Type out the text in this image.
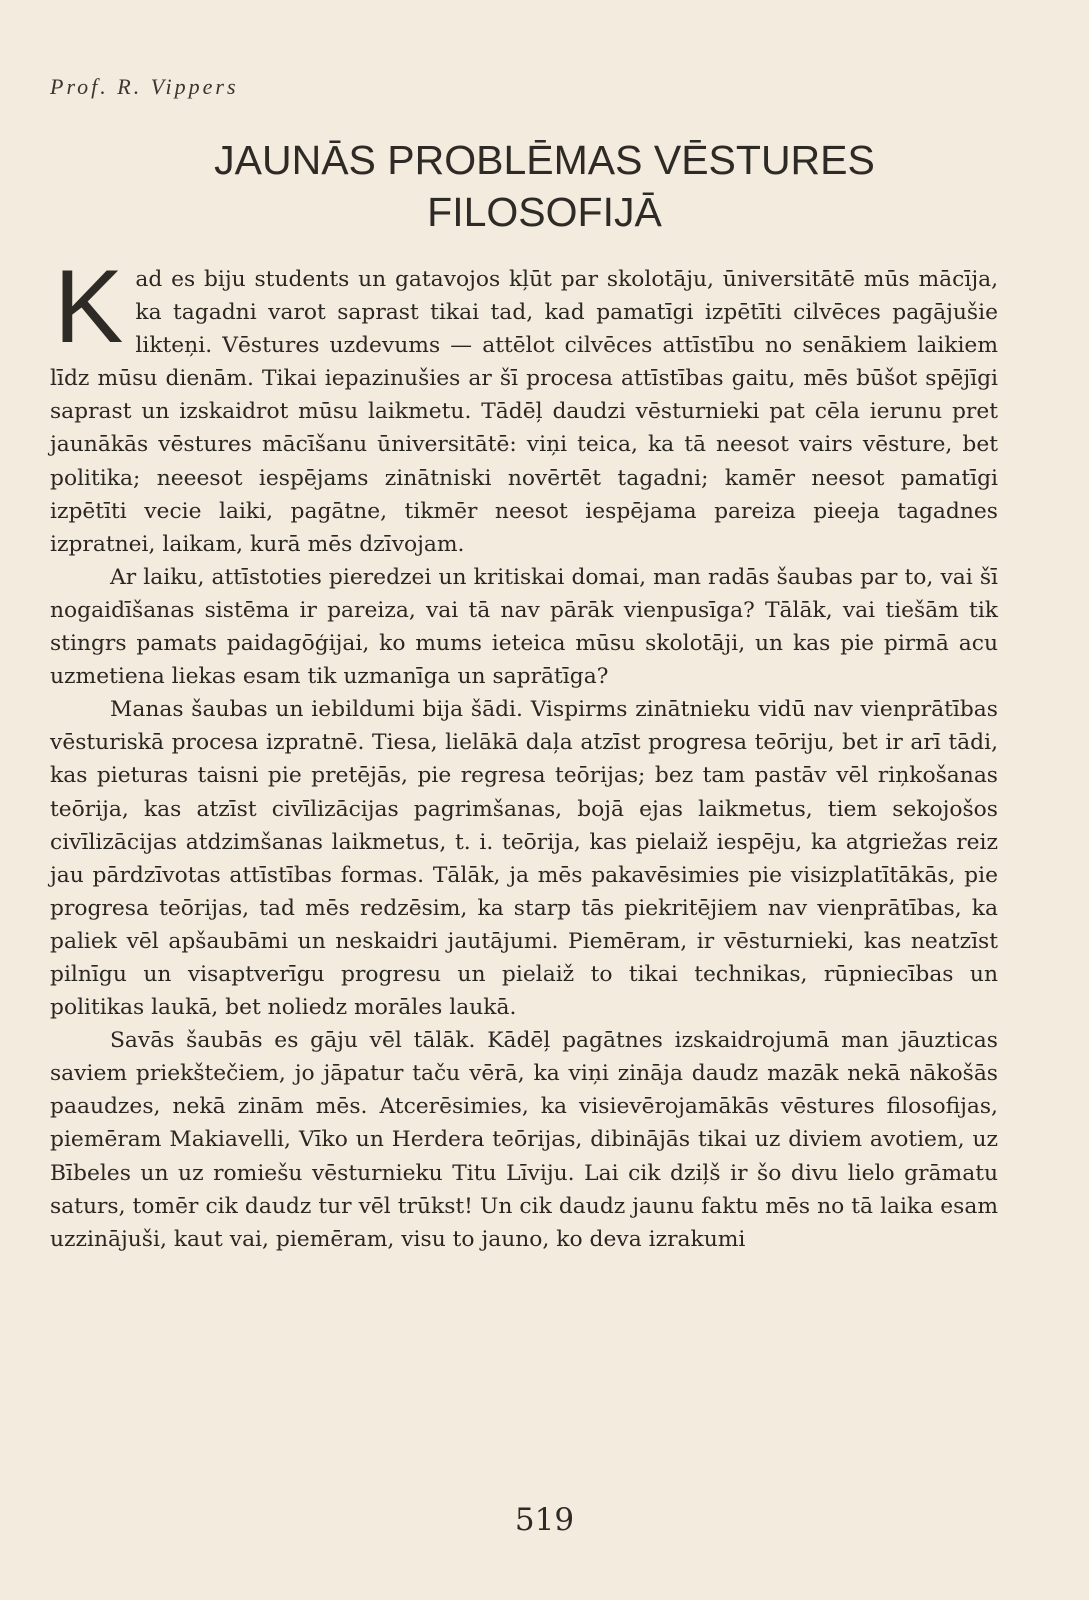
Prof. R. Vippers
JAUNĀS PROBLĒMAS VĒSTURES
FILOSOFIJĀ

Kad es biju students un gatavojos kļūt par skolotāju, ūniversitātē mūs mācīja, ka tagadni varot saprast tikai tad, kad pamatīgi izpētīti cilvēces pagājušie likteņi. Vēstures uzdevums — attēlot cilvēces attīstību no senākiem laikiem līdz mūsu dienām. Tikai iepazinušies ar šī procesa attīstības gaitu, mēs būšot spējīgi saprast un izskaidrot mūsu laikmetu. Tādēļ daudzi vēsturnieki pat cēla ierunu pret jaunākās vēstures mācīšanu ūniversitātē: viņi teica, ka tā neesot vairs vēsture, bet politika; neeesot iespējams zinātniski novērtēt tagadni; kamēr neesot pamatīgi izpētīti vecie laiki, pagātne, tikmēr neesot iespējama pareiza pieeja tagadnes izpratnei, laikam, kurā mēs dzīvojam.

Ar laiku, attīstoties pieredzei un kritiskai domai, man radās šaubas par to, vai šī nogaidīšanas sistēma ir pareiza, vai tā nav pārāk vienpusīga? Tālāk, vai tiešām tik stingrs pamats paidagōģijai, ko mums ieteica mūsu skolotāji, un kas pie pirmā acu uzmetiena liekas esam tik uzmanīga un saprātīga?

Manas šaubas un iebildumi bija šādi. Vispirms zinātnieku vidū nav vienprātības vēsturiskā procesa izpratnē. Tiesa, lielākā daļa atzīst progresa teōriju, bet ir arī tādi, kas pieturas taisni pie pretējās, pie regresa teōrijas; bez tam pastāv vēl riņkošanas teōrija, kas atzīst civīlizācijas pagrimšanas, bojā ejas laikmetus, tiem sekojošos civīlizācijas atdzimšanas laikmetus, t. i. teōrija, kas pielaiž iespēju, ka atgriežas reiz jau pārdzīvotas attīstības formas. Tālāk, ja mēs pakavēsimies pie visizplatītākās, pie progresa teōrijas, tad mēs redzēsim, ka starp tās piekritējiem nav vienprātības, ka paliek vēl apšaubāmi un neskaidri jautājumi. Piemēram, ir vēsturnieki, kas neatzīst pilnīgu un visaptverīgu progresu un pielaiž to tikai technikas, rūpniecības un politikas laukā, bet noliedz morāles laukā.

Savās šaubās es gāju vēl tālāk. Kādēļ pagātnes izskaidrojumā man jāuzticas saviem priekštečiem, jo jāpatur taču vērā, ka viņi zināja daudz mazāk nekā nākošās paaudzes, nekā zinām mēs. Atcerēsimies, ka visievērojamākās vēstures filosofijas, piemēram Makiavelli, Vīko un Herdera teōrijas, dibinājās tikai uz diviem avotiem, uz Bībeles un uz romiešu vēsturnieku Titu Līviju. Lai cik dziļš ir šo divu lielo grāmatu saturs, tomēr cik daudz tur vēl trūkst! Un cik daudz jaunu faktu mēs no tā laika esam uzzinājuši, kaut vai, piemēram, visu to jauno, ko deva izrakumi

519
